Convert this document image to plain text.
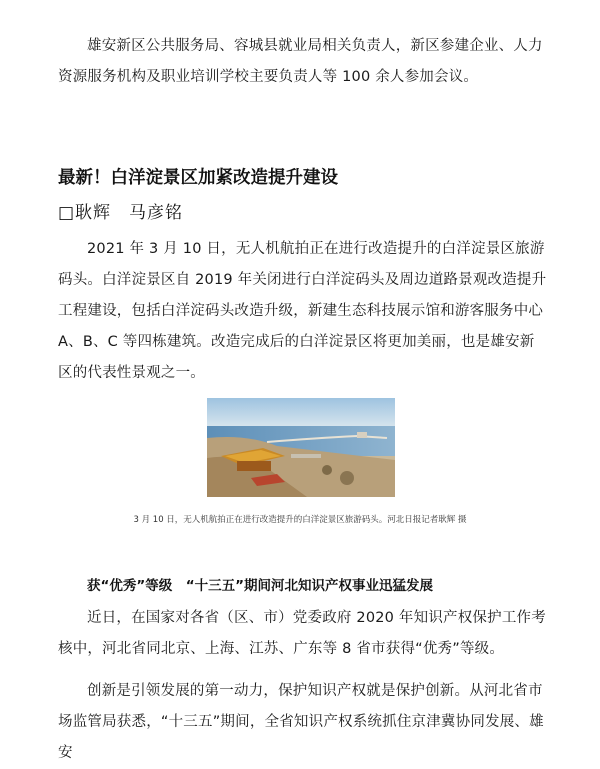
雄安新区公共服务局、容城县就业局相关负责人，新区参建企业、人力资源服务机构及职业培训学校主要负责人等 100 余人参加会议。

最新！白洋淀景区加紧改造提升建设

□耿辉　马彦铭

2021 年 3 月 10 日，无人机航拍正在进行改造提升的白洋淀景区旅游码头。白洋淀景区自 2019 年关闭进行白洋淀码头及周边道路景观改造提升工程建设，包括白洋淀码头改造升级，新建生态科技展示馆和游客服务中心 A、B、C 等四栋建筑。改造完成后的白洋淀景区将更加美丽，也是雄安新区的代表性景观之一。

3 月 10 日，无人机航拍正在进行改造提升的白洋淀景区旅游码头。河北日报记者耿辉 摄

获“优秀”等级　“十三五”期间河北知识产权事业迅猛发展

近日，在国家对各省（区、市）党委政府 2020 年知识产权保护工作考核中，河北省同北京、上海、江苏、广东等 8 省市获得“优秀”等级。

创新是引领发展的第一动力，保护知识产权就是保护创新。从河北省市场监管局获悉，“十三五”期间，全省知识产权系统抓住京津冀协同发展、雄安
